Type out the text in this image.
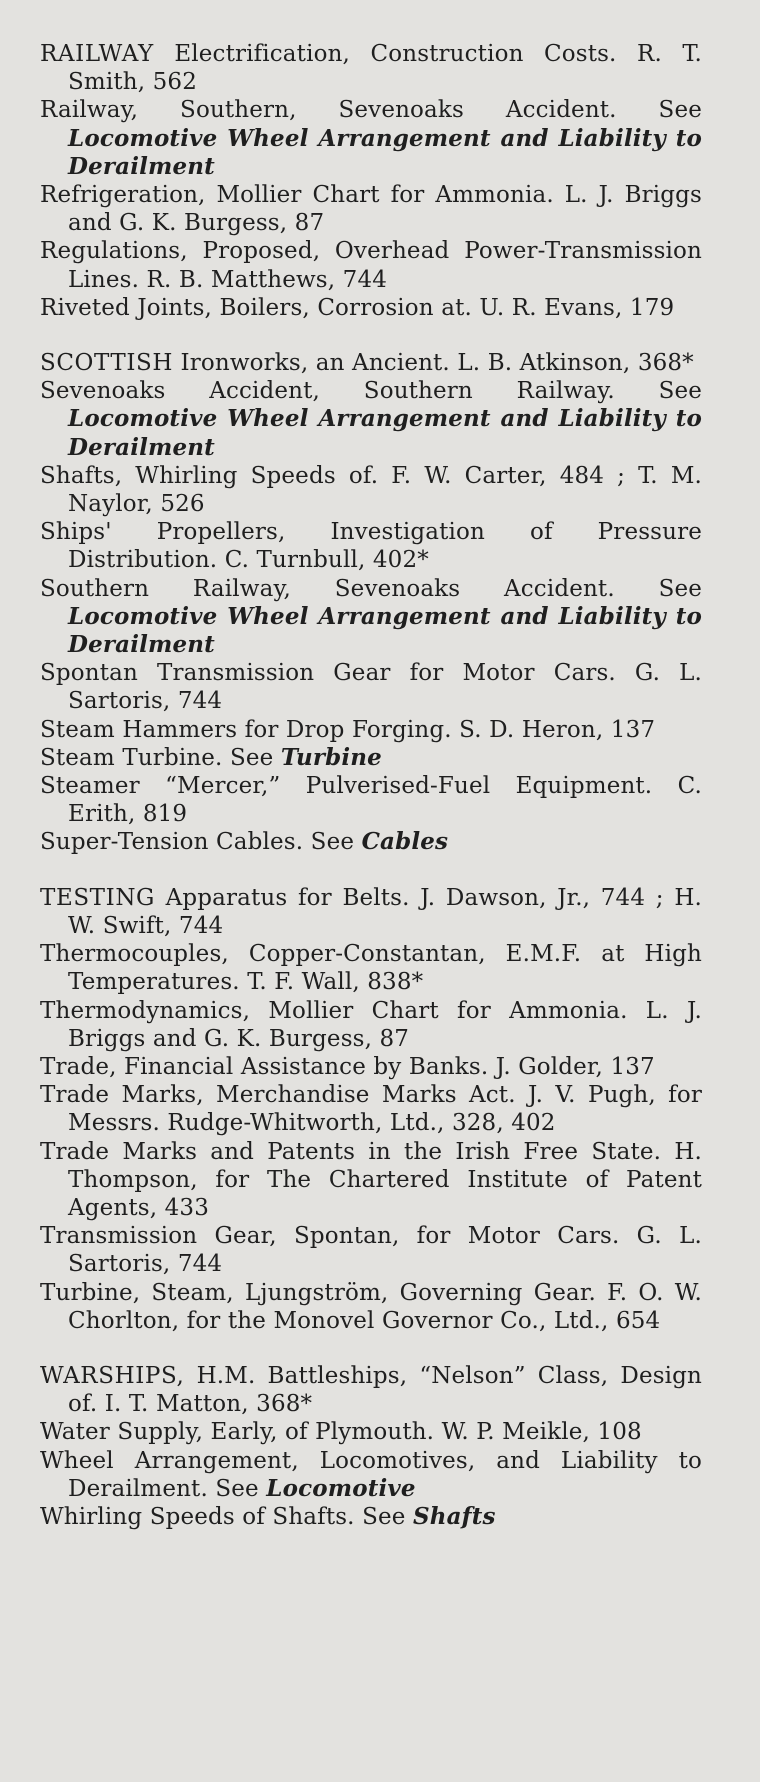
RAILWAY Electrification, Construction Costs. R. T. Smith, 562

Railway, Southern, Sevenoaks Accident. See Locomotive Wheel Arrangement and Liability to Derailment

Refrigeration, Mollier Chart for Ammonia. L. J. Briggs and G. K. Burgess, 87

Regulations, Proposed, Overhead Power-Transmission Lines. R. B. Matthews, 744

Riveted Joints, Boilers, Corrosion at. U. R. Evans, 179

SCOTTISH Ironworks, an Ancient. L. B. Atkinson, 368*

Sevenoaks Accident, Southern Railway. See Locomotive Wheel Arrangement and Liability to Derailment

Shafts, Whirling Speeds of. F. W. Carter, 484 ; T. M. Naylor, 526

Ships' Propellers, Investigation of Pressure Distribution. C. Turnbull, 402*

Southern Railway, Sevenoaks Accident. See Locomotive Wheel Arrangement and Liability to Derailment

Spontan Transmission Gear for Motor Cars. G. L. Sartoris, 744

Steam Hammers for Drop Forging. S. D. Heron, 137

Steam Turbine. See Turbine

Steamer “Mercer,” Pulverised-Fuel Equipment. C. Erith, 819

Super-Tension Cables. See Cables

TESTING Apparatus for Belts. J. Dawson, Jr., 744 ; H. W. Swift, 744

Thermocouples, Copper-Constantan, E.M.F. at High Temperatures. T. F. Wall, 838*

Thermodynamics, Mollier Chart for Ammonia. L. J. Briggs and G. K. Burgess, 87

Trade, Financial Assistance by Banks. J. Golder, 137

Trade Marks, Merchandise Marks Act. J. V. Pugh, for Messrs. Rudge-Whitworth, Ltd., 328, 402

Trade Marks and Patents in the Irish Free State. H. Thompson, for The Chartered Institute of Patent Agents, 433

Transmission Gear, Spontan, for Motor Cars. G. L. Sartoris, 744

Turbine, Steam, Ljungström, Governing Gear. F. O. W. Chorlton, for the Monovel Governor Co., Ltd., 654

WARSHIPS, H.M. Battleships, “Nelson” Class, Design of. I. T. Matton, 368*

Water Supply, Early, of Plymouth. W. P. Meikle, 108

Wheel Arrangement, Locomotives, and Liability to Derailment. See Locomotive

Whirling Speeds of Shafts. See Shafts
